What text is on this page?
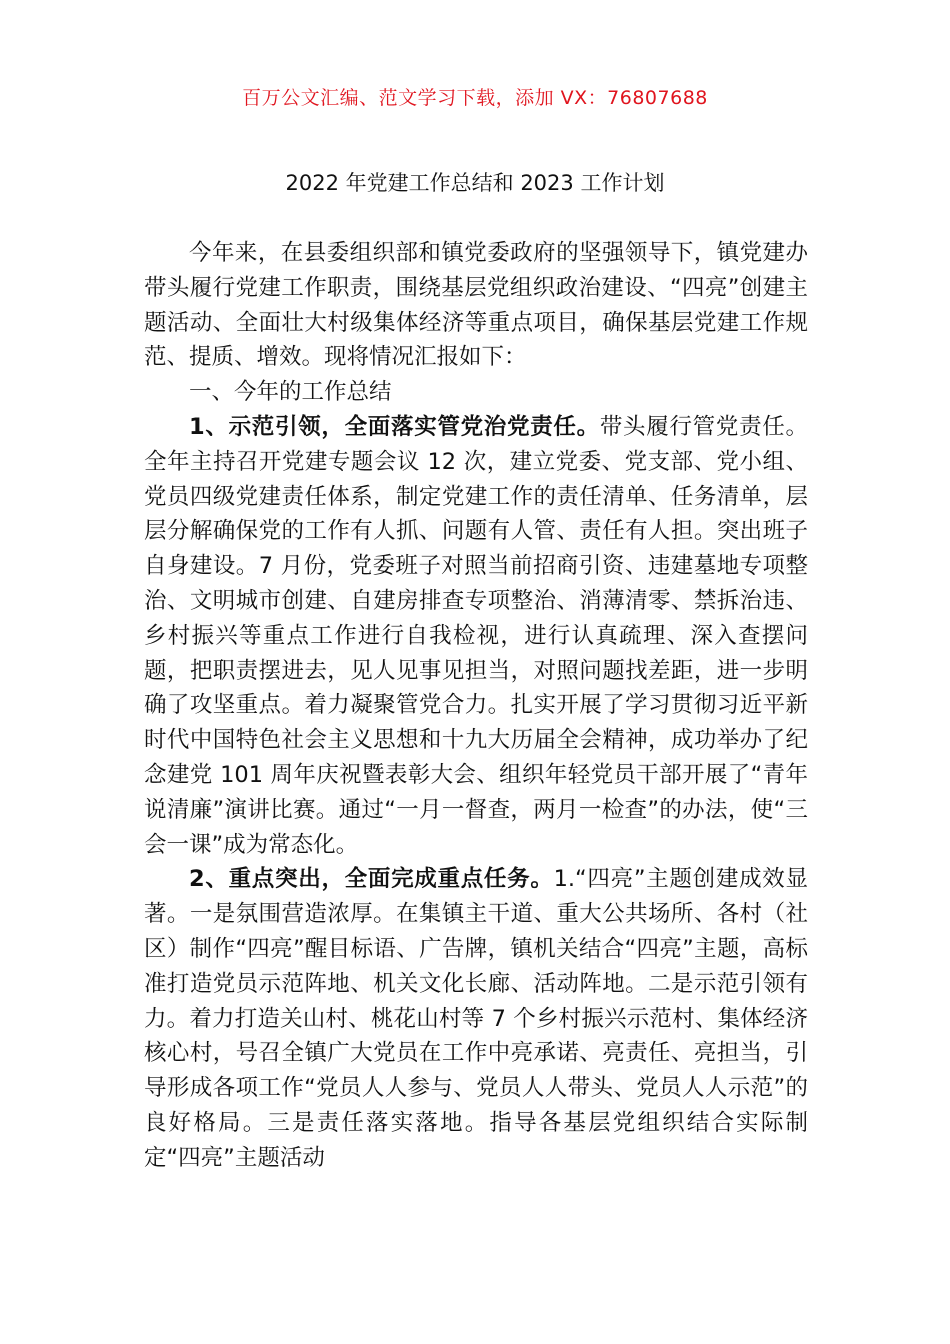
百万公文汇编、范文学习下载，添加 VX：76807688
2022 年党建工作总结和 2023 工作计划

今年来，在县委组织部和镇党委政府的坚强领导下，镇党建办带头履行党建工作职责，围绕基层党组织政治建设、“四亮”创建主题活动、全面壮大村级集体经济等重点项目，确保基层党建工作规范、提质、增效。现将情况汇报如下：

一、今年的工作总结

1、示范引领，全面落实管党治党责任。带头履行管党责任。全年主持召开党建专题会议 12 次，建立党委、党支部、党小组、党员四级党建责任体系，制定党建工作的责任清单、任务清单，层层分解确保党的工作有人抓、问题有人管、责任有人担。突出班子自身建设。7 月份，党委班子对照当前招商引资、违建墓地专项整治、文明城市创建、自建房排查专项整治、消薄清零、禁拆治违、乡村振兴等重点工作进行自我检视，进行认真疏理、深入查摆问题，把职责摆进去，见人见事见担当，对照问题找差距，进一步明确了攻坚重点。着力凝聚管党合力。扎实开展了学习贯彻习近平新时代中国特色社会主义思想和十九大历届全会精神，成功举办了纪念建党 101 周年庆祝暨表彰大会、组织年轻党员干部开展了“青年说清廉”演讲比赛。通过“一月一督查，两月一检查”的办法，使“三会一课”成为常态化。

2、重点突出，全面完成重点任务。1.“四亮”主题创建成效显著。一是氛围营造浓厚。在集镇主干道、重大公共场所、各村（社区）制作“四亮”醒目标语、广告牌，镇机关结合“四亮”主题，高标准打造党员示范阵地、机关文化长廊、活动阵地。二是示范引领有力。着力打造关山村、桃花山村等 7 个乡村振兴示范村、集体经济核心村，号召全镇广大党员在工作中亮承诺、亮责任、亮担当，引导形成各项工作“党员人人参与、党员人人带头、党员人人示范”的良好格局。三是责任落实落地。指导各基层党组织结合实际制定“四亮”主题活动
